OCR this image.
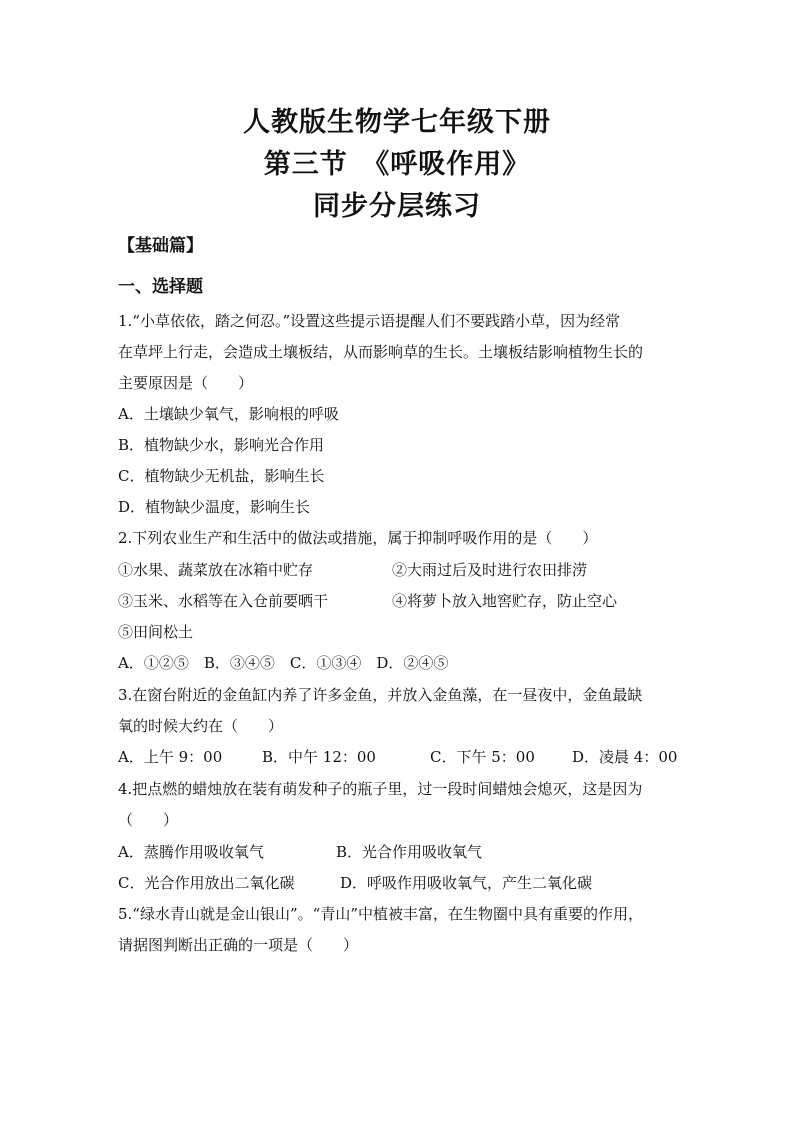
人教版生物学七年级下册
第三节　《呼吸作用》
同步分层练习
【基础篇】
一、选择题
1.“小草依依，踏之何忍。”设置这些提示语提醒人们不要践踏小草，因为经常
在草坪上行走，会造成土壤板结，从而影响草的生长。土壤板结影响植物生长的
主要原因是（　　）
A．土壤缺少氧气，影响根的呼吸
B．植物缺少水，影响光合作用
C．植物缺少无机盐，影响生长
D．植物缺少温度，影响生长
2.下列农业生产和生活中的做法或措施，属于抑制呼吸作用的是（　　）
①水果、蔬菜放在冰箱中贮存	②大雨过后及时进行农田排涝
③玉米、水稻等在入仓前要晒干	④将萝卜放入地窖贮存，防止空心
⑤田间松土
A．①②⑤　B．③④⑤　C．①③④　D．②④⑤
3.在窗台附近的金鱼缸内养了许多金鱼，并放入金鱼藻，在一昼夜中，金鱼最缺
氧的时候大约在（　　）
A．上午 9：00	B．中午 12：00	C．下午 5：00 D．凌晨 4：00
4.把点燃的蜡烛放在装有萌发种子的瓶子里，过一段时间蜡烛会熄灭，这是因为
（　　）
A．蒸腾作用吸收氧气	B．光合作用吸收氧气
C．光合作用放出二氧化碳	D．呼吸作用吸收氧气，产生二氧化碳
5.“绿水青山就是金山银山”。“青山”中植被丰富，在生物圈中具有重要的作用，
请据图判断出正确的一项是（　　）
